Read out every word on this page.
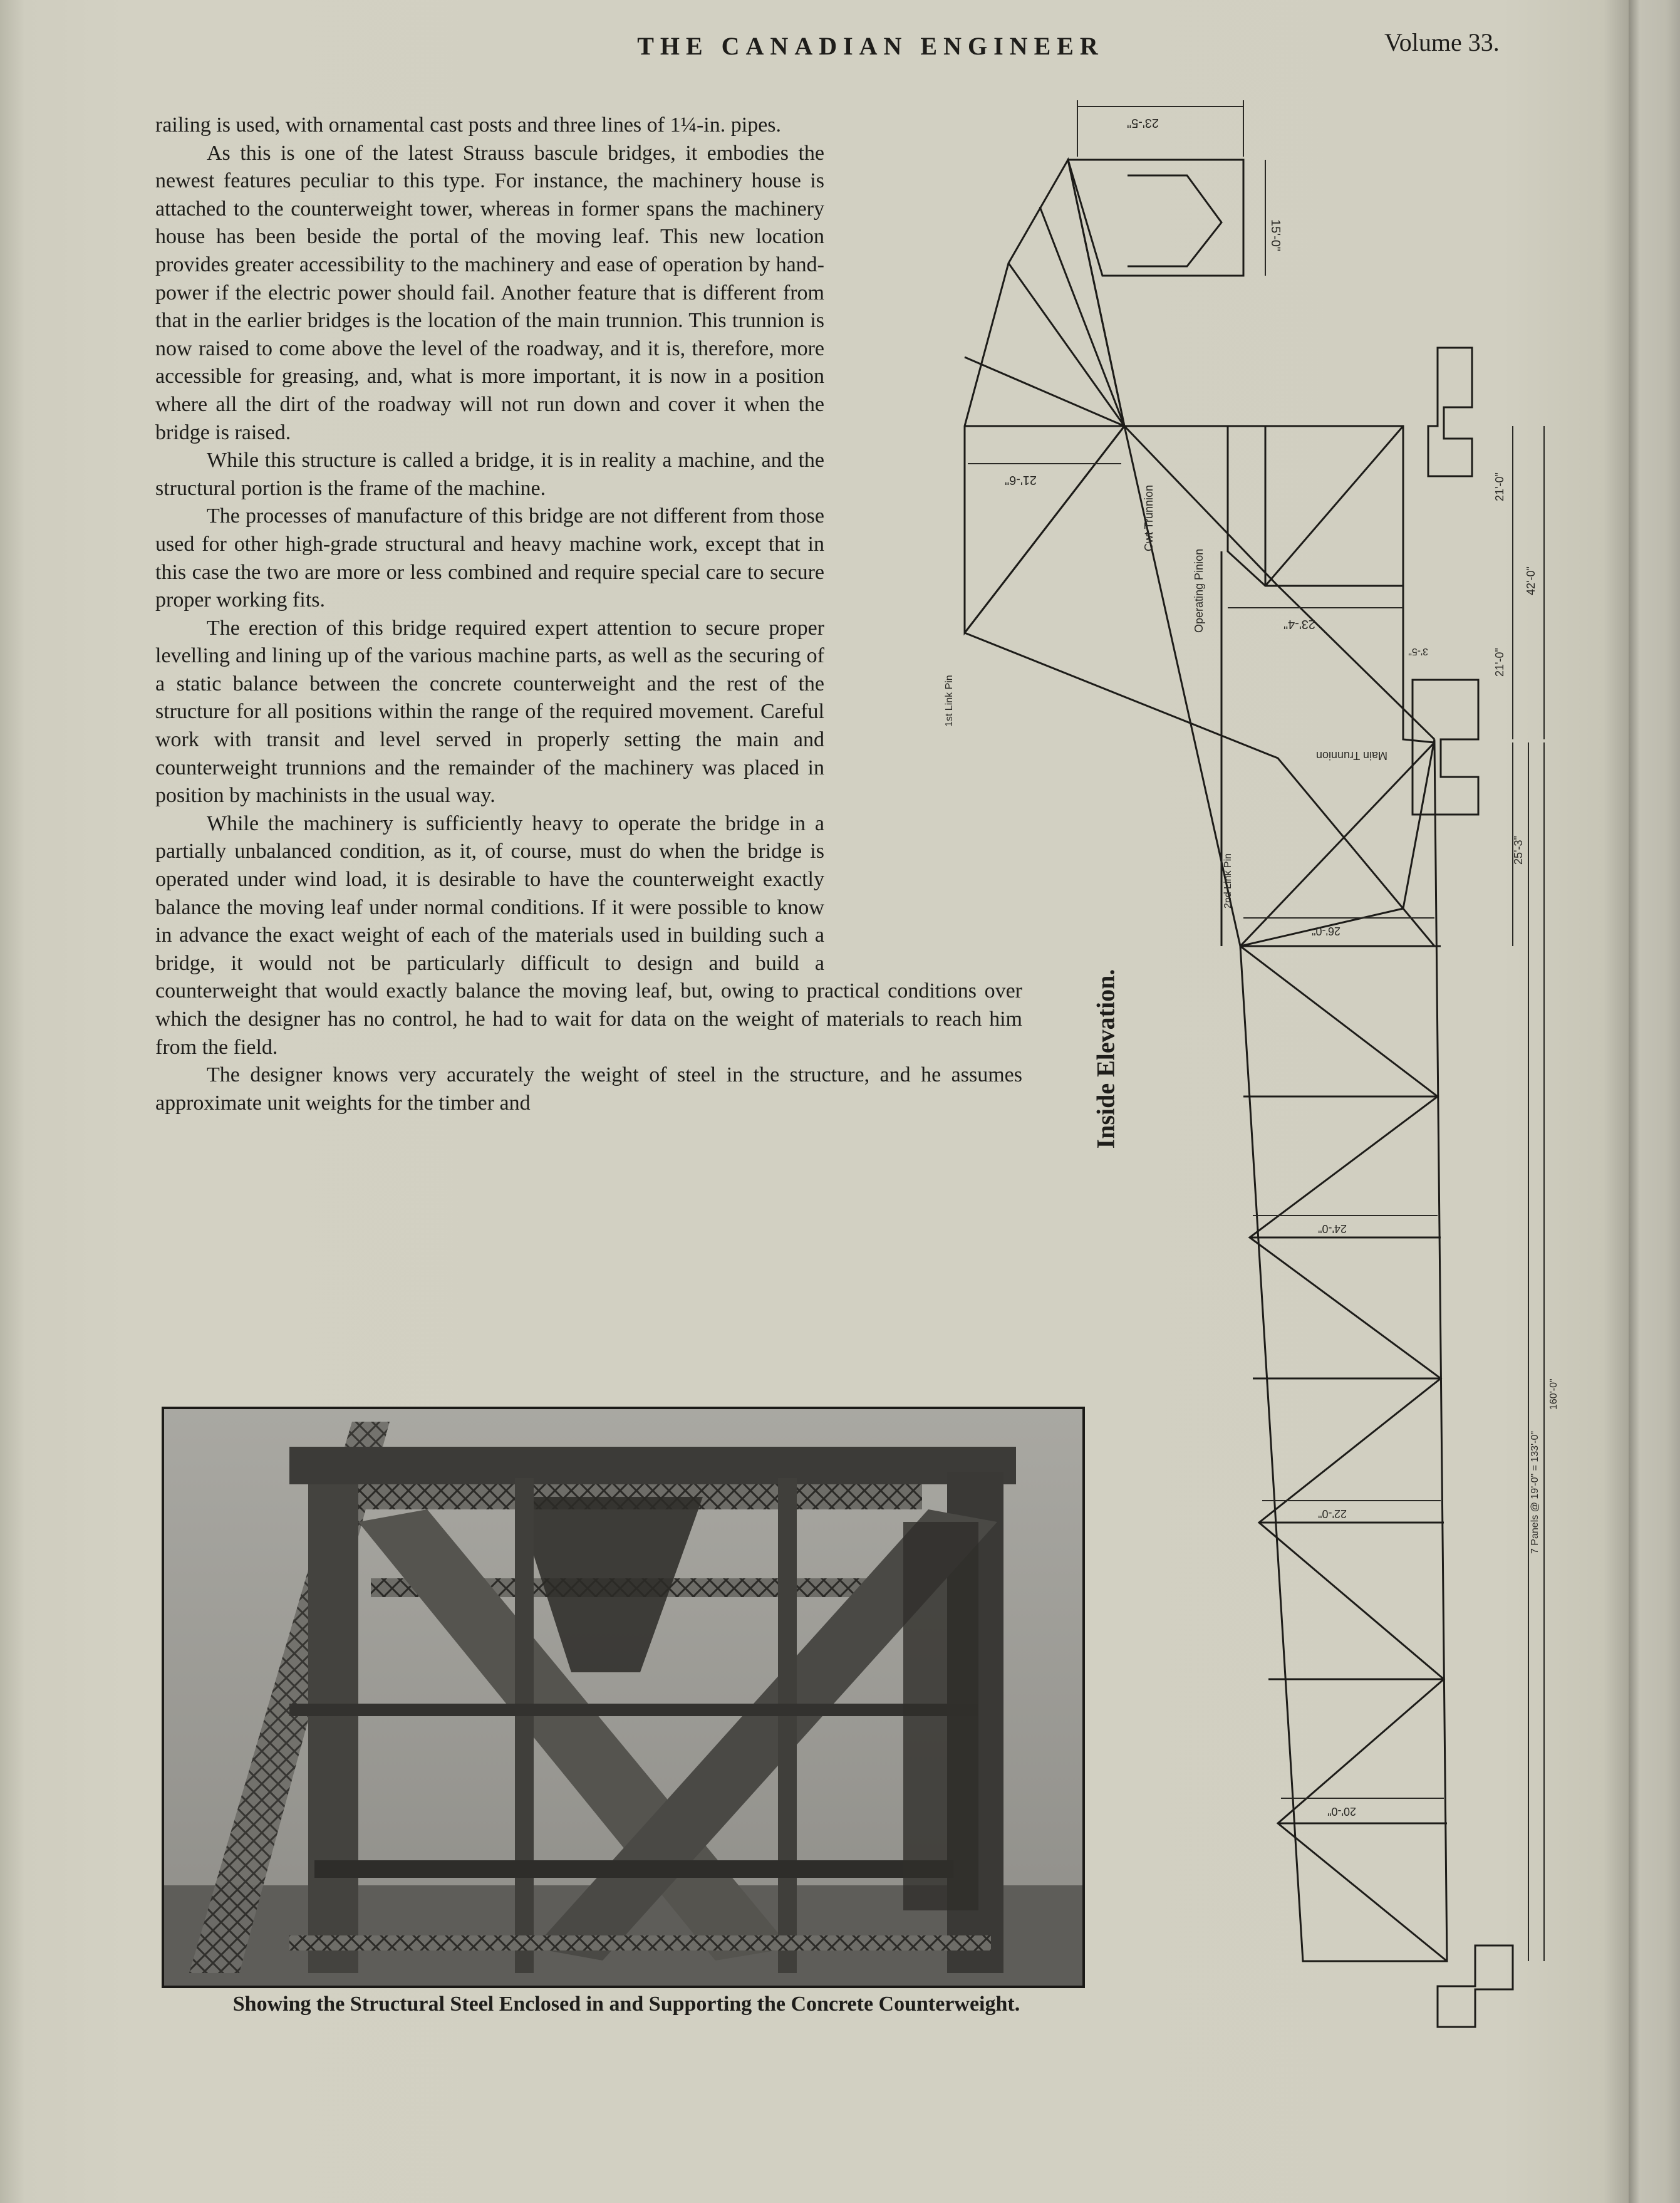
THE CANADIAN ENGINEER	Volume 33.

railing is used, with ornamental cast posts and three lines of 1¼-in. pipes.

As this is one of the latest Strauss bascule bridges, it embodies the newest features peculiar to this type. For instance, the machinery house is attached to the counterweight tower, whereas in former spans the machinery house has been beside the portal of the moving leaf. This new location provides greater accessibility to the machinery and ease of operation by hand-power if the electric power should fail. Another feature that is different from that in the earlier bridges is the location of the main trunnion. This trunnion is now raised to come above the level of the roadway, and it is, therefore, more accessible for greasing, and, what is more important, it is now in a position where all the dirt of the roadway will not run down and cover it when the bridge is raised.

While this structure is called a bridge, it is in reality a machine, and the structural portion is the frame of the machine.

The processes of manufacture of this bridge are not different from those used for other high-grade structural and heavy machine work, except that in this case the two are more or less combined and require special care to secure proper working fits.

The erection of this bridge required expert attention to secure proper levelling and lining up of the various machine parts, as well as the securing of a static balance between the concrete counterweight and the rest of the structure for all positions within the range of the required movement. Careful work with transit and level served in properly setting the main and counterweight trunnions and the remainder of the machinery was placed in position by machinists in the usual way.

While the machinery is sufficiently heavy to operate the bridge in a partially unbalanced condition, as it, of course, must do when the bridge is operated under wind load, it is desirable to have the counterweight exactly balance the moving leaf under normal conditions. If it were possible to know in advance the exact weight of each of the materials used in building such a bridge, it would not be particularly difficult to design and build a counterweight that would exactly balance the moving leaf, but, owing to practical conditions over which the designer has no control, he had to wait for data on the weight of materials to reach him from the field.

The designer knows very accurately the weight of steel in the structure, and he assumes approximate unit weights for the timber and

Showing the Structural Steel Enclosed in and Supporting the Concrete Counterweight.
Inside Elevation.
23'-5"
15'-0"
21'-6"
Cwt Trunnion
Operating Pinion	23'-4"
21'-0"
42'-0"
21'-0"
3'-5"
1st Link Pin
Main Trunnion
2nd Link Pin
25'-3"
26'-0"
24'-0"
22'-0"
20'-0"
7 Panels @ 19'-0" = 133'-0"
160'-0"
